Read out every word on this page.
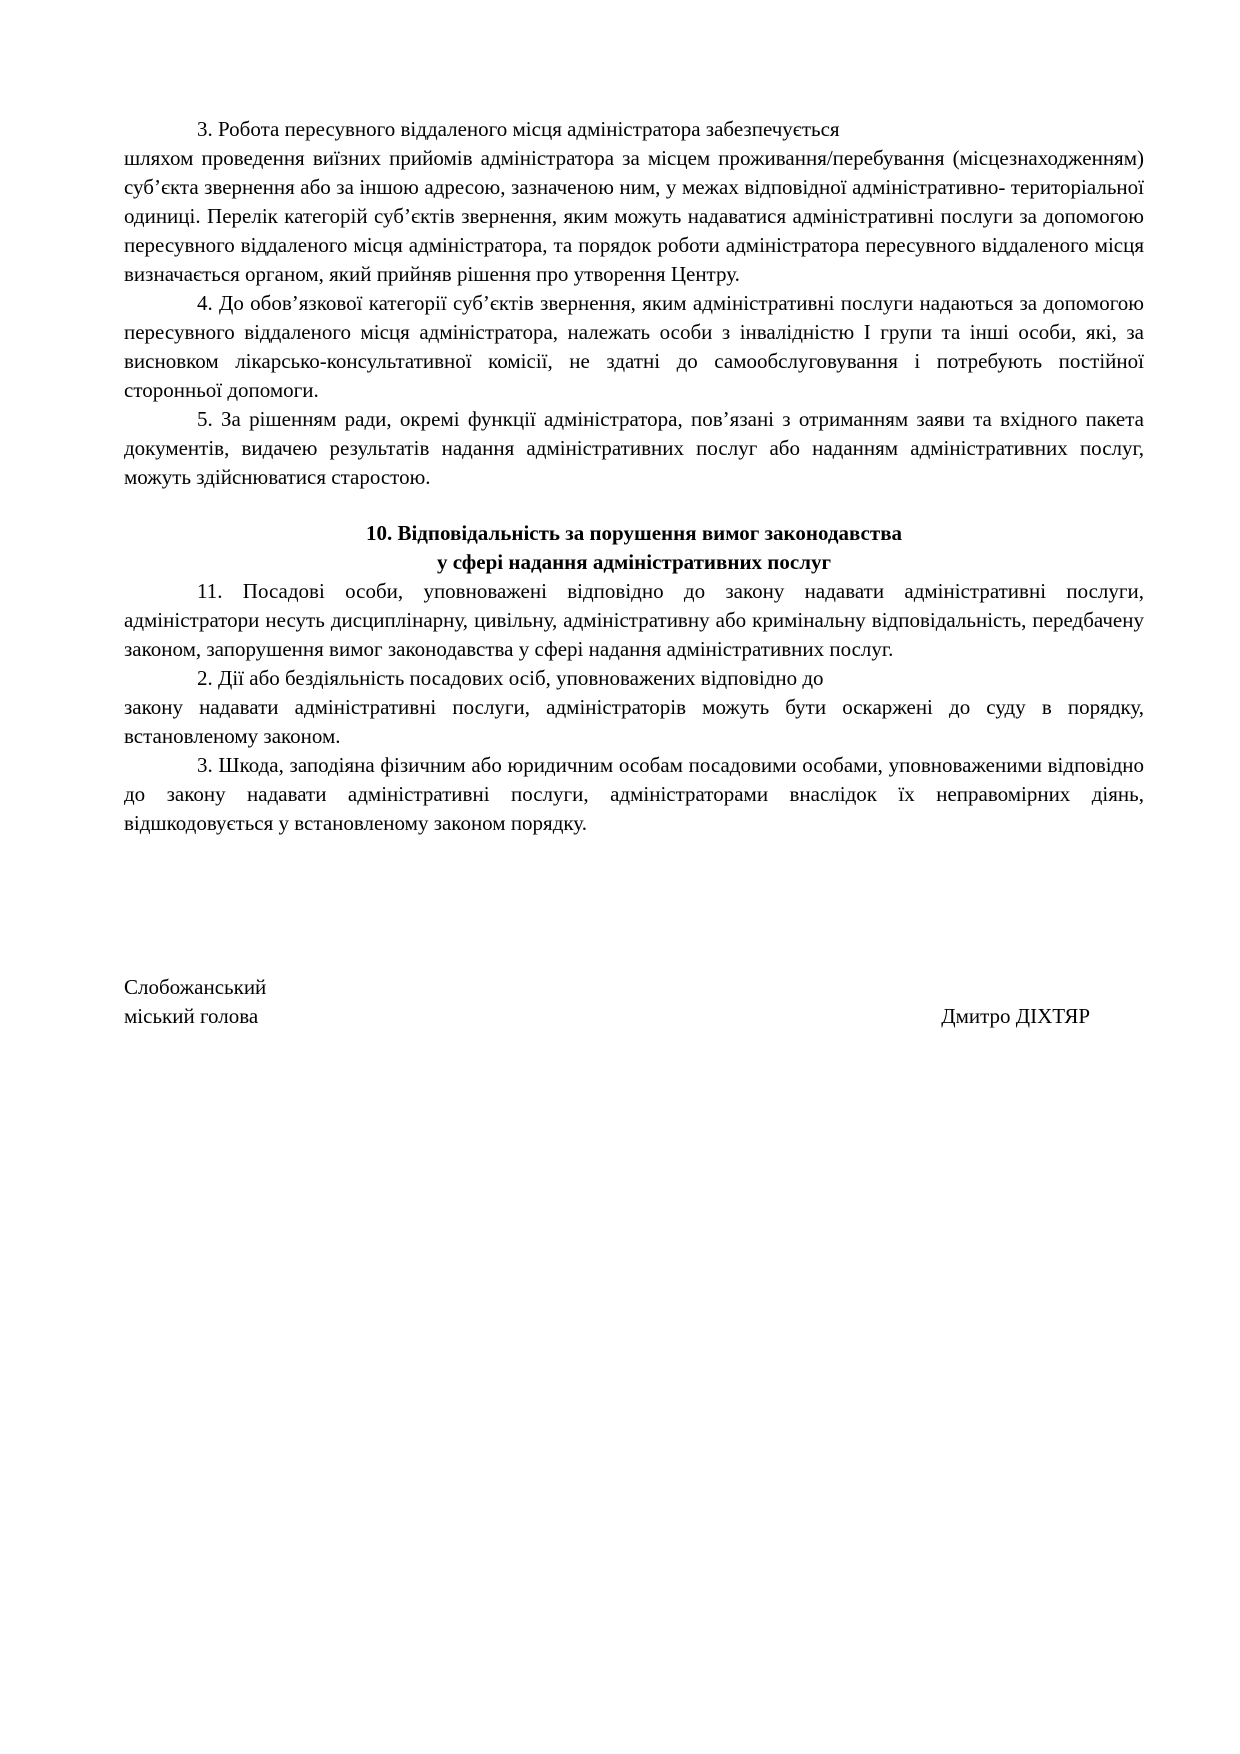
3. Робота пересувного віддаленого місця адміністратора забезпечується
шляхом проведення виїзних прийомів адміністратора за місцем проживання/перебування (місцезнаходженням) суб’єкта звернення або за іншою адресою, зазначеною ним, у межах відповідної адміністративно- територіальної одиниці. Перелік категорій суб’єктів звернення, яким можуть надаватися адміністративні послуги за допомогою пересувного віддаленого місця адміністратора, та порядок роботи адміністратора пересувного віддаленого місця визначається органом, який прийняв рішення про утворення Центру.

4. До обов’язкової категорії суб’єктів звернення, яким адміністративні послуги надаються за допомогою пересувного віддаленого місця адміністратора, належать особи з інвалідністю І групи та інші особи, які, за висновком лікарсько-консультативної комісії, не здатні до самообслуговування і потребують постійної сторонньої допомоги.

5. За рішенням ради, окремі функції адміністратора, пов’язані з отриманням заяви та вхідного пакета документів, видачею результатів надання адміністративних послуг або наданням адміністративних послуг, можуть здійснюватися старостою.

10. Відповідальність за порушення вимог законодавства
у сфері надання адміністративних послуг

11. Посадові особи, уповноважені відповідно до закону надавати адміністративні послуги, адміністратори несуть дисциплінарну, цивільну, адміністративну або кримінальну відповідальність, передбачену законом, запорушення вимог законодавства у сфері надання адміністративних послуг.

2. Дії або бездіяльність посадових осіб, уповноважених відповідно до
закону надавати адміністративні послуги, адміністраторів можуть бути оскаржені до суду в порядку, встановленому законом.

3. Шкода, заподіяна фізичним або юридичним особам посадовими особами, уповноваженими відповідно до закону надавати адміністративні послуги, адміністраторами внаслідок їх неправомірних діянь, відшкодовується у встановленому законом порядку.

Слобожанський
міський голова	Дмитро ДІХТЯР
